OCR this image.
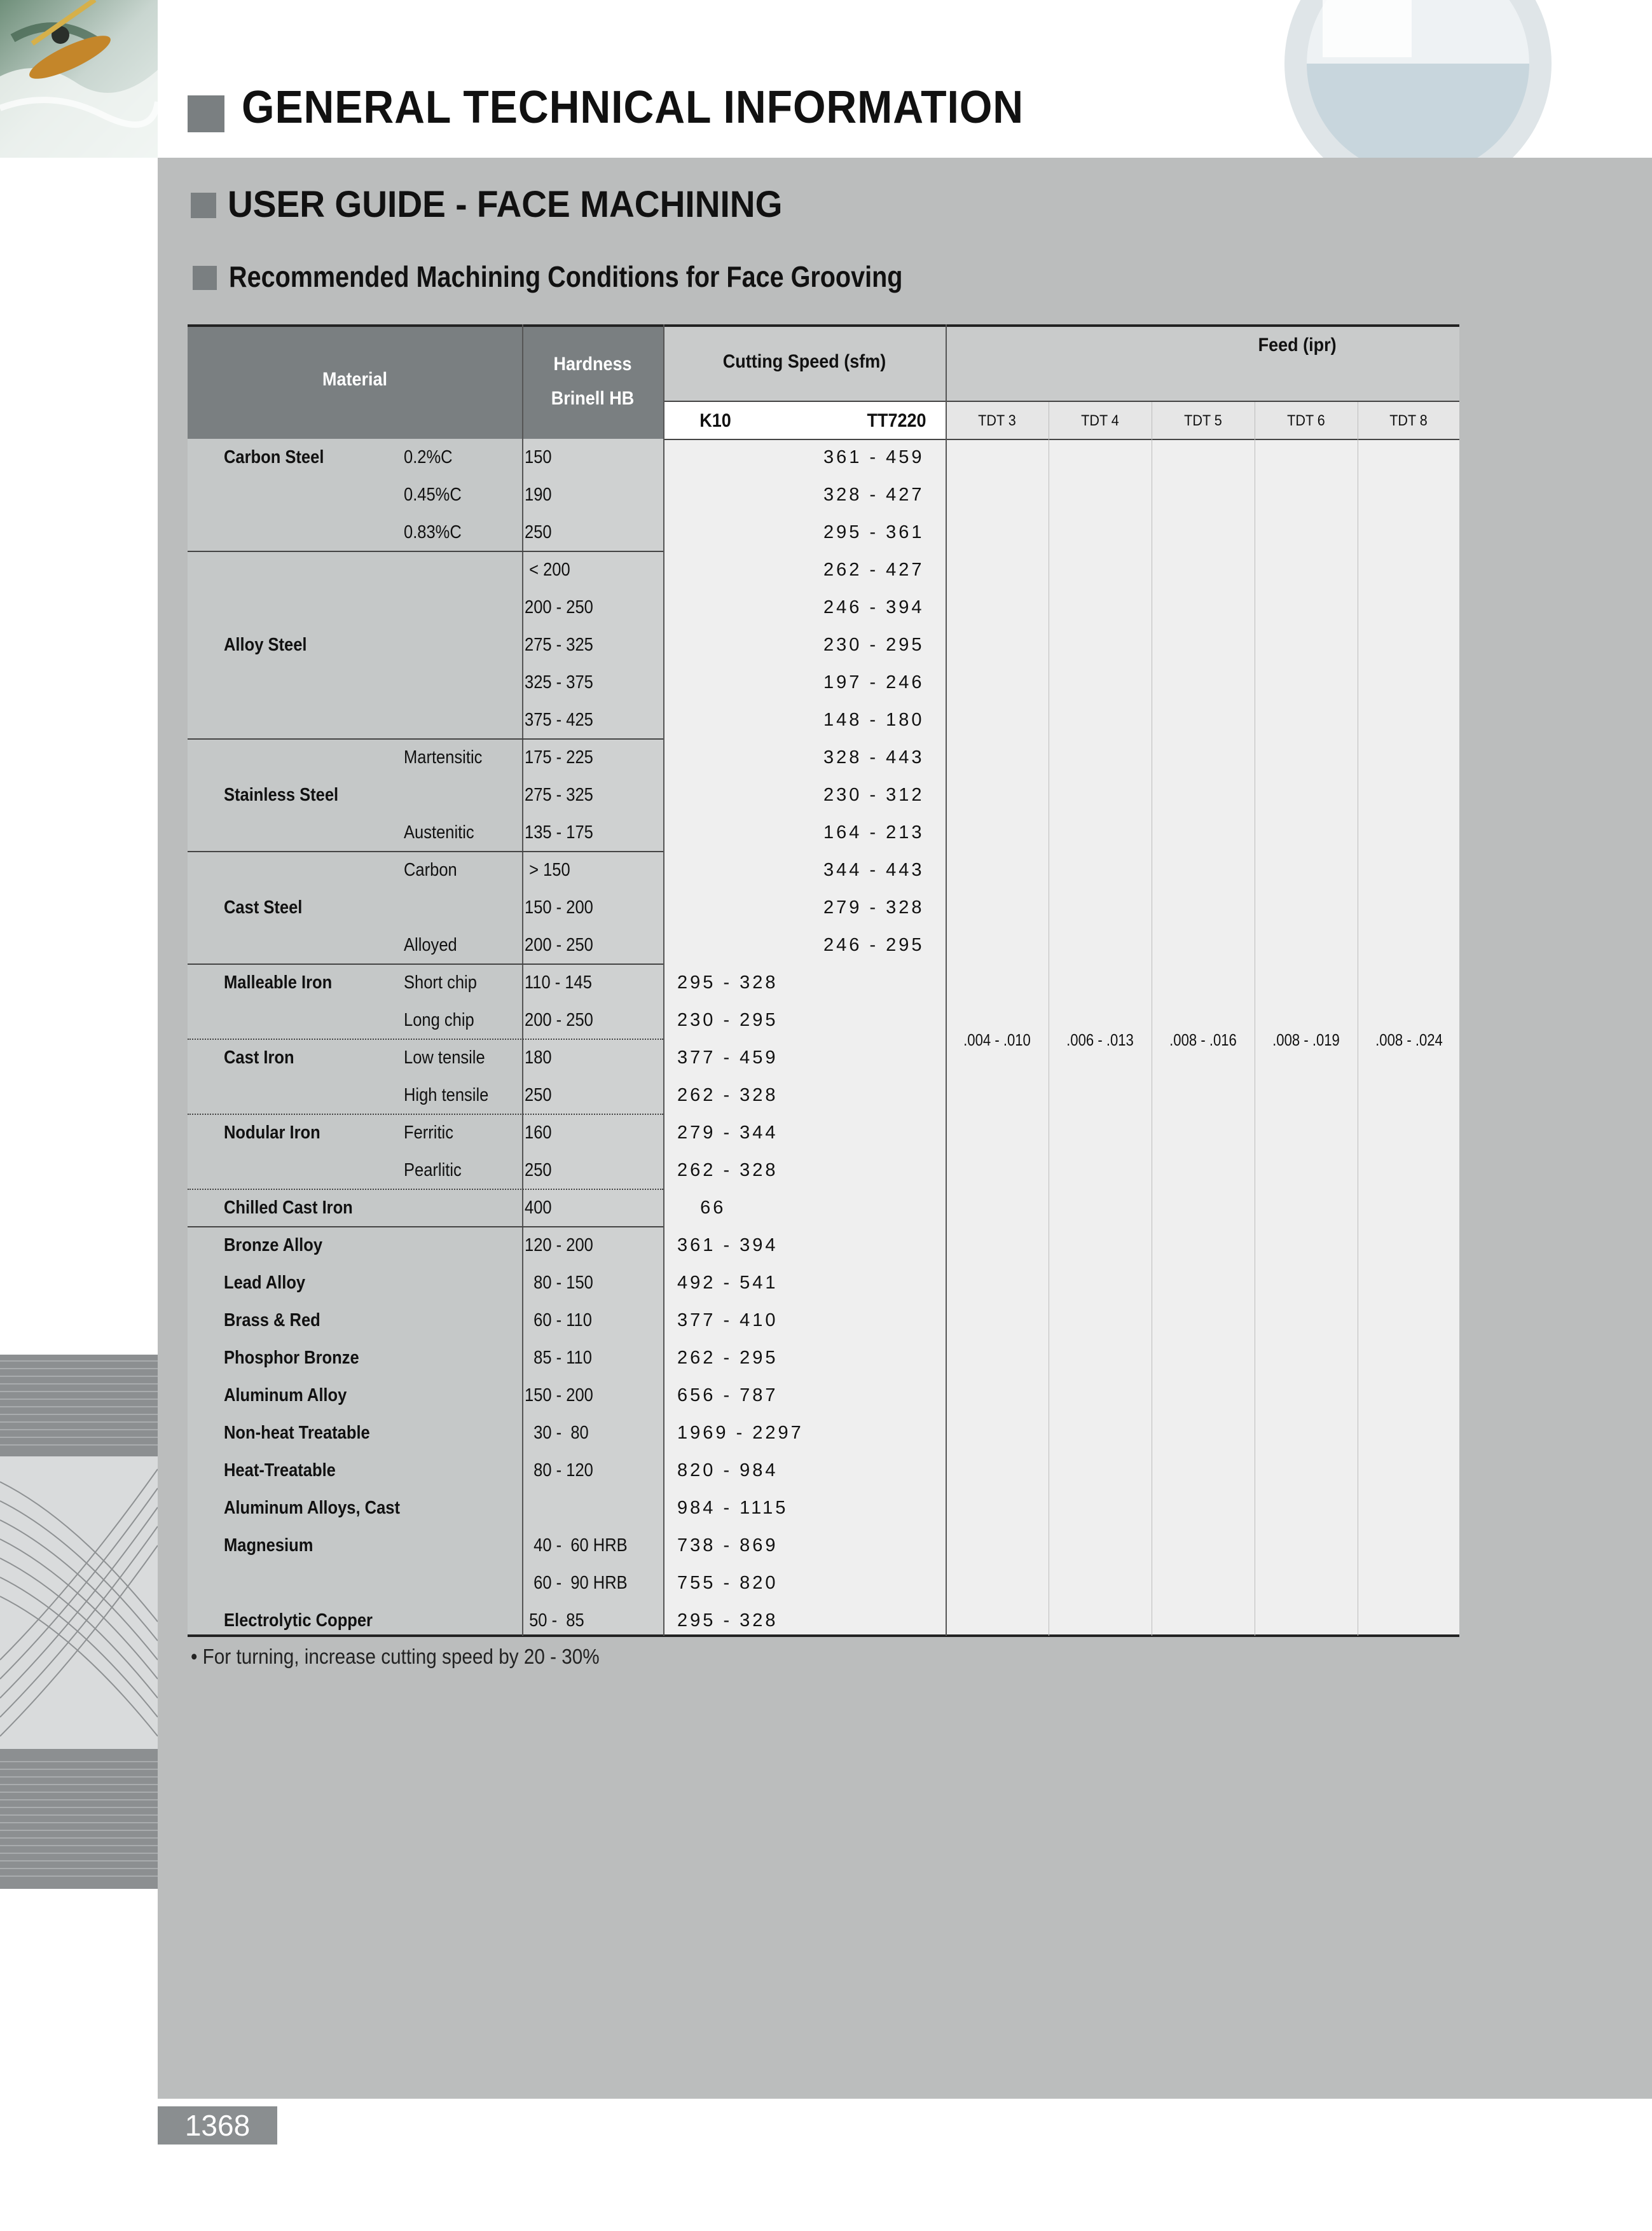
GENERAL TECHNICAL INFORMATION
USER GUIDE - FACE MACHINING
Recommended Machining Conditions for Face Grooving
Material
Hardness
Brinell HB
Cutting Speed (sfm)
K10	TT7220
Feed (ipr)
TDT 3	TDT 4	TDT 5	TDT 6	TDT 8
Carbon Steel	0.2%C	150	361 - 459
0.45%C	190	328 - 427
0.83%C	250	295 - 361
< 200	262 - 427
200 - 250	246 - 394
Alloy Steel	275 - 325	230 - 295
325 - 375	197 - 246
375 - 425	148 - 180
Martensitic 175 - 225	328 - 443
Stainless Steel	275 - 325	230 - 312
Austenitic	135 - 175	164 - 213
Carbon	> 150	344 - 443
Cast Steel	150 - 200	279 - 328
Alloyed	200 - 250	246 - 295
Malleable Iron	Short chip	110 - 145	295 - 328
Long chip	200 - 250	230 - 295
Cast Iron	Low tensile 180	377 - 459
High tensile 250	262 - 328
Nodular Iron	Ferritic	160	279 - 344
Pearlitic	250	262 - 328
Chilled Cast Iron	400	66
Bronze Alloy	120 - 200	361 - 394
Lead Alloy	80 - 150	492 - 541
Brass & Red	60 - 110	377 - 410
Phosphor Bronze	85 - 110	262 - 295
Aluminum Alloy	150 - 200	656 - 787
Non-heat Treatable	30 -  80	1969 - 2297
Heat-Treatable	80 - 120	820 - 984
Aluminum Alloys, Cast	984 - 1115
Magnesium	40 -  60 HRB	738 - 869
60 -  90 HRB	755 - 820
Electrolytic Copper	50 -  85	295 - 328
.004 - .010	.006 - .013	.008 - .016	.008 - .019	.008 - .024
• For turning, increase cutting speed by 20 - 30%
1368
